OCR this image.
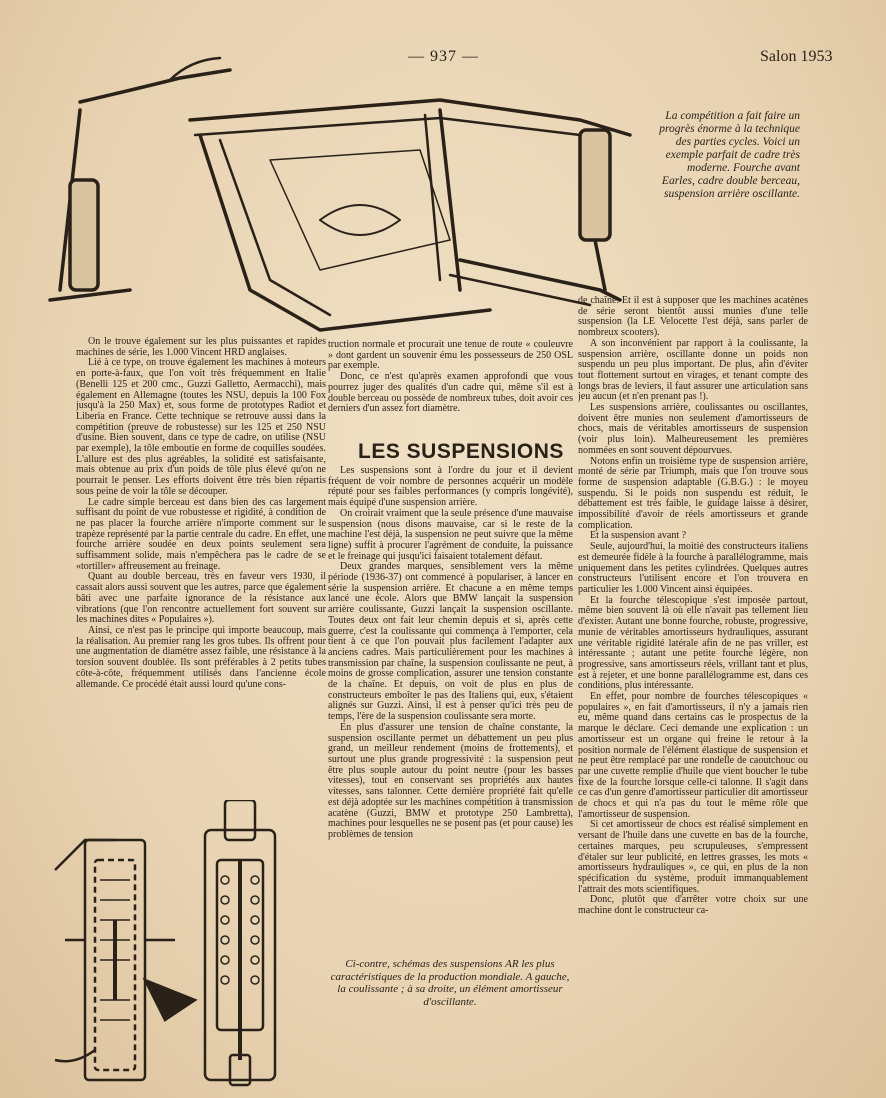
— 937 —	Salon 1953
La compétition a fait faire un progrès énorme à la technique des parties cycles. Voici un exemple parfait de cadre très moderne. Fourche avant Earles, cadre double berceau, suspension arrière oscillante.

On le trouve également sur les plus puissantes et rapides machines de série, les 1.000 Vincent HRD anglaises.

Lié à ce type, on trouve également les machines à moteurs en porte-à-faux, que l'on voit très fréquemment en Italie (Benelli 125 et 200 cmc., Guzzi Galletto, Aermacchi), mais également en Allemagne (toutes les NSU, depuis la 100 Fox jusqu'à la 250 Max) et, sous forme de prototypes Radiot et Liberia en France. Cette technique se retrouve aussi dans la compétition (preuve de robustesse) sur les 125 et 250 NSU d'usine. Bien souvent, dans ce type de cadre, on utilise (NSU par exemple), la tôle emboutie en forme de coquilles soudées. L'allure est des plus agréables, la solidité est satisfaisante, mais obtenue au prix d'un poids de tôle plus élevé qu'on ne pourrait le penser. Les efforts doivent être très bien répartis sous peine de voir la tôle se découper.

Le cadre simple berceau est dans bien des cas largement suffisant du point de vue robustesse et rigidité, à condition de ne pas placer la fourche arrière n'importe comment sur le trapèze représenté par la partie centrale du cadre. En effet, une fourche arrière soudée en deux points seulement sera suffisamment solide, mais n'empêchera pas le cadre de se «tortiller» affreusement au freinage.

Quant au double berceau, très en faveur vers 1930, il cassait alors aussi souvent que les autres, parce que également bâti avec une parfaite ignorance de la résistance aux vibrations (que l'on rencontre actuellement fort souvent sur les machines dites « Populaires »).

Ainsi, ce n'est pas le principe qui importe beaucoup, mais la réalisation. Au premier rang les gros tubes. Ils offrent pour une augmentation de diamètre assez faible, une résistance à la torsion souvent doublée. Ils sont préférables à 2 petits tubes côte-à-côte, fréquemment utilisés dans l'ancienne école allemande. Ce procédé était aussi lourd qu'une cons-

truction normale et procurait une tenue de route « couleuvre » dont gardent un souvenir ému les possesseurs de 250 OSL par exemple.

Donc, ce n'est qu'après examen approfondi que vous pourrez juger des qualités d'un cadre qui, même s'il est à double berceau ou possède de nombreux tubes, doit avoir ces derniers d'un assez fort diamètre.

LES SUSPENSIONS

Les suspensions sont à l'ordre du jour et il devient fréquent de voir nombre de personnes acquérir un modèle réputé pour ses faibles performances (y compris longévité), mais équipé d'une suspension arrière.

On croirait vraiment que la seule présence d'une mauvaise suspension (nous disons mauvaise, car si le reste de la machine l'est déjà, la suspension ne peut suivre que la même ligne) suffit à procurer l'agrément de conduite, la puissance et le freinage qui jusqu'ici faisaient totalement défaut.

Deux grandes marques, sensiblement vers la même période (1936-37) ont commencé à populariser, à lancer en série la suspension arrière. Et chacune a en même temps lancé une école. Alors que BMW lançait la suspension arrière coulissante, Guzzi lançait la suspension oscillante. Toutes deux ont fait leur chemin depuis et si, après cette guerre, c'est la coulissante qui commença à l'emporter, cela tient à ce que l'on pouvait plus facilement l'adapter aux anciens cadres. Mais particulièrement pour les machines à transmission par chaîne, la suspension coulissante ne peut, à moins de grosse complication, assurer une tension constante de la chaîne. Et depuis, on voit de plus en plus de constructeurs emboîter le pas des Italiens qui, eux, s'étaient alignés sur Guzzi. Ainsi, il est à penser qu'ici très peu de temps, l'ère de la suspension coulissante sera morte.

En plus d'assurer une tension de chaîne constante, la suspension oscillante permet un débattement un peu plus grand, un meilleur rendement (moins de frottements), et surtout une plus grande progressivité : la suspension peut être plus souple autour du point neutre (pour les basses vitesses), tout en conservant ses propriétés aux hautes vitesses, sans talonner. Cette dernière propriété fait qu'elle est déjà adoptée sur les machines compétition à transmission acatène (Guzzi, BMW et prototype 250 Lambretta), machines pour lesquelles ne se posent pas (et pour cause) les problèmes de tension

de chaîne. Et il est à supposer que les machines acatènes de série seront bientôt aussi munies d'une telle suspension (la LE Velocette l'est déjà, sans parler de nombreux scooters).

A son inconvénient par rapport à la coulissante, la suspension arrière, oscillante donne un poids non suspendu un peu plus important. De plus, afin d'éviter tout flottement surtout en virages, et tenant compte des longs bras de leviers, il faut assurer une articulation sans jeu aucun (et n'en prenant pas !).

Les suspensions arrière, coulissantes ou oscillantes, doivent être munies non seulement d'amortisseurs de chocs, mais de véritables amortisseurs de suspension (voir plus loin). Malheureusement les premières nommées en sont souvent dépourvues.

Notons enfin un troisième type de suspension arrière, monté de série par Triumph, mais que l'on trouve sous forme de suspension adaptable (G.B.G.) : le moyeu suspendu. Si le poids non suspendu est réduit, le débattement est très faible, le guidage laisse à désirer, impossibilité d'avoir de réels amortisseurs et grande complication.

Et la suspension avant ?

Seule, aujourd'hui, la moitié des constructeurs italiens est demeurée fidèle à la fourche à parallélogramme, mais uniquement dans les petites cylindrées. Quelques autres constructeurs l'utilisent encore et l'on trouvera en particulier les 1.000 Vincent ainsi équipées.

Et la fourche télescopique s'est imposée partout, même bien souvent là où elle n'avait pas tellement lieu d'exister. Autant une bonne fourche, robuste, progressive, munie de véritables amortisseurs hydrauliques, assurant une véritable rigidité latérale afin de ne pas vriller, est intéressante ; autant une petite fourche légère, non progressive, sans amortisseurs réels, vrillant tant et plus, est à rejeter, et une bonne parallélogramme est, dans ces conditions, plus intéressante.

En effet, pour nombre de fourches télescopiques « populaires », en fait d'amortisseurs, il n'y a jamais rien eu, même quand dans certains cas le prospectus de la marque le déclare. Ceci demande une explication : un amortisseur est un organe qui freine le retour à la position normale de l'élément élastique de suspension et ne peut être remplacé par une rondelle de caoutchouc ou par une cuvette remplie d'huile que vient boucher le tube fixe de la fourche lorsque celle-ci talonne. Il s'agit dans ce cas d'un genre d'amortisseur particulier dit amortisseur de chocs et qui n'a pas du tout le même rôle que l'amortisseur de suspension.

Si cet amortisseur de chocs est réalisé simplement en versant de l'huile dans une cuvette en bas de la fourche, certaines marques, peu scrupuleuses, s'empressent d'étaler sur leur publicité, en lettres grasses, les mots « amortisseurs hydrauliques », ce qui, en plus de la non spécification du système, produit immanquablement l'attrait des mots scientifiques.

Donc, plutôt que d'arrêter votre choix sur une machine dont le constructeur ca-

Ci-contre, schémas des suspensions AR les plus caractéristiques de la production mondiale. A gauche, la coulissante ; à sa droite, un élément amortisseur d'oscillante.
